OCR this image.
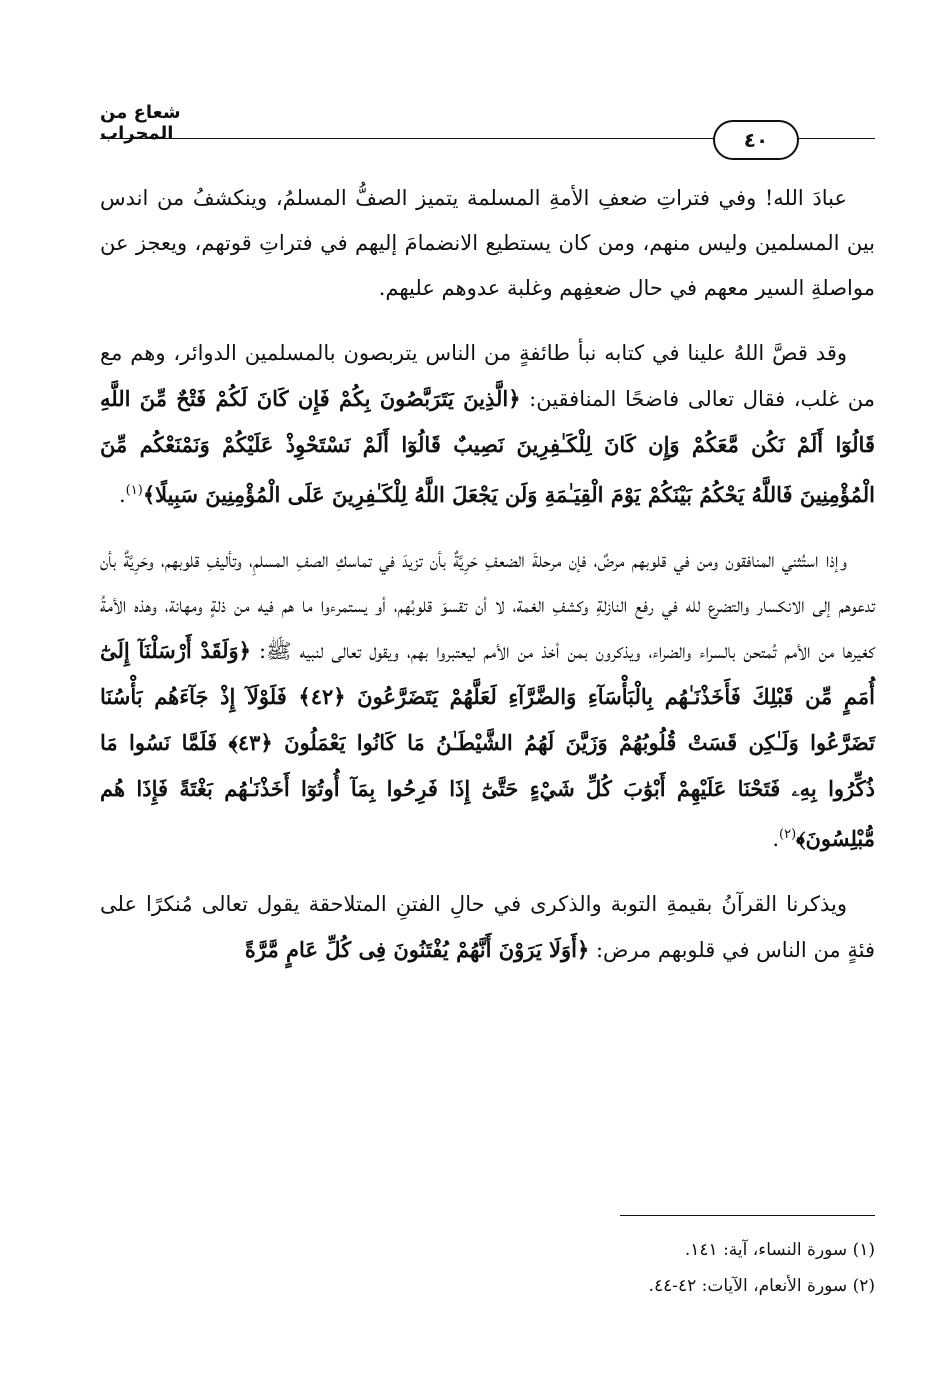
شعاع من المحراب	٤٠

عبادَ الله! وفي فتراتِ ضعفِ الأمةِ المسلمة يتميز الصفُّ المسلمُ، وينكشفُ من اندس بين المسلمين وليس منهم، ومن كان يستطيع الانضمامَ إليهم في فتراتِ قوتهم، ويعجز عن مواصلةِ السير معهم في حال ضعفِهم وغلبة عدوهم عليهم.

وقد قصَّ اللهُ علينا في كتابه نبأ طائفةٍ من الناس يتربصون بالمسلمين الدوائر، وهم مع من غلب، فقال تعالى فاضحًا المنافقين: ﴿الَّذِينَ يَتَرَبَّصُونَ بِكُمْ فَإِن كَانَ لَكُمْ فَتْحٌ مِّنَ اللَّهِ قَالُوٓا أَلَمْ نَكُن مَّعَكُمْ وَإِن كَانَ لِلْكَـٰفِرِينَ نَصِيبٌ قَالُوٓا أَلَمْ نَسْتَحْوِذْ عَلَيْكُمْ وَنَمْنَعْكُم مِّنَ الْمُؤْمِنِينَ فَاللَّهُ يَحْكُمُ بَيْنَكُمْ يَوْمَ الْقِيَـٰمَةِ وَلَن يَجْعَلَ اللَّهُ لِلْكَـٰفِرِينَ عَلَى الْمُؤْمِنِينَ سَبِيلًا﴾$^{(١)}$.

وإذا استُثني المنافقون ومن في قلوبهم مرضٌ، فإن مرحلةَ الضعفِ حَرِيَّةٌ بأن تزيدَ في تماسكِ الصفِ المسلمِ، وتأليفِ قلوبهم، وحَرِيَّةٌ بأن تدعوهم إلى الانكسار والتضرع لله في رفع النازلةِ وكشفِ الغمة، لا أن تقسوَ قلوبُهم، أو يستمرءوا ما هم فيه من ذلةٍ ومهانة، وهذه الأمةُ كغيرها من الأمم تُمتحن بالسراء والضراء، ويذكرون بمن أخذ من الأمم ليعتبروا بهم، ويقول تعالى لنبيه ﷺ: ﴿وَلَقَدْ أَرْسَلْنَآ إِلَىٰٓ أُمَمٍ مِّن قَبْلِكَ فَأَخَذْنَـٰهُم بِالْبَأْسَآءِ وَالضَّرَّآءِ لَعَلَّهُمْ يَتَضَرَّعُونَ ﴿٤٢﴾ فَلَوْلَآ إِذْ جَآءَهُم بَأْسُنَا تَضَرَّعُوا وَلَـٰكِن قَسَتْ قُلُوبُهُمْ وَزَيَّنَ لَهُمُ الشَّيْطَـٰنُ مَا كَانُوا يَعْمَلُونَ ﴿٤٣﴾ فَلَمَّا نَسُوا مَا ذُكِّرُوا بِهِۦ فَتَحْنَا عَلَيْهِمْ أَبْوَٰبَ كُلِّ شَيْءٍ حَتَّىٰٓ إِذَا فَرِحُوا بِمَآ أُوتُوٓا أَخَذْنَـٰهُم بَغْتَةً فَإِذَا هُم مُّبْلِسُونَ﴾$^{(٢)}$.

ويذكرنا القرآنُ بقيمةِ التوبة والذكرى في حالِ الفتنِ المتلاحقة يقول تعالى مُنكرًا على فئةٍ من الناس في قلوبهم مرض: ﴿أَوَلَا يَرَوْنَ أَنَّهُمْ يُفْتَنُونَ فِى كُلِّ عَامٍ مَّرَّةً

(١) سورة النساء، آية: ١٤١.
(٢) سورة الأنعام، الآيات: ٤٢-٤٤.
